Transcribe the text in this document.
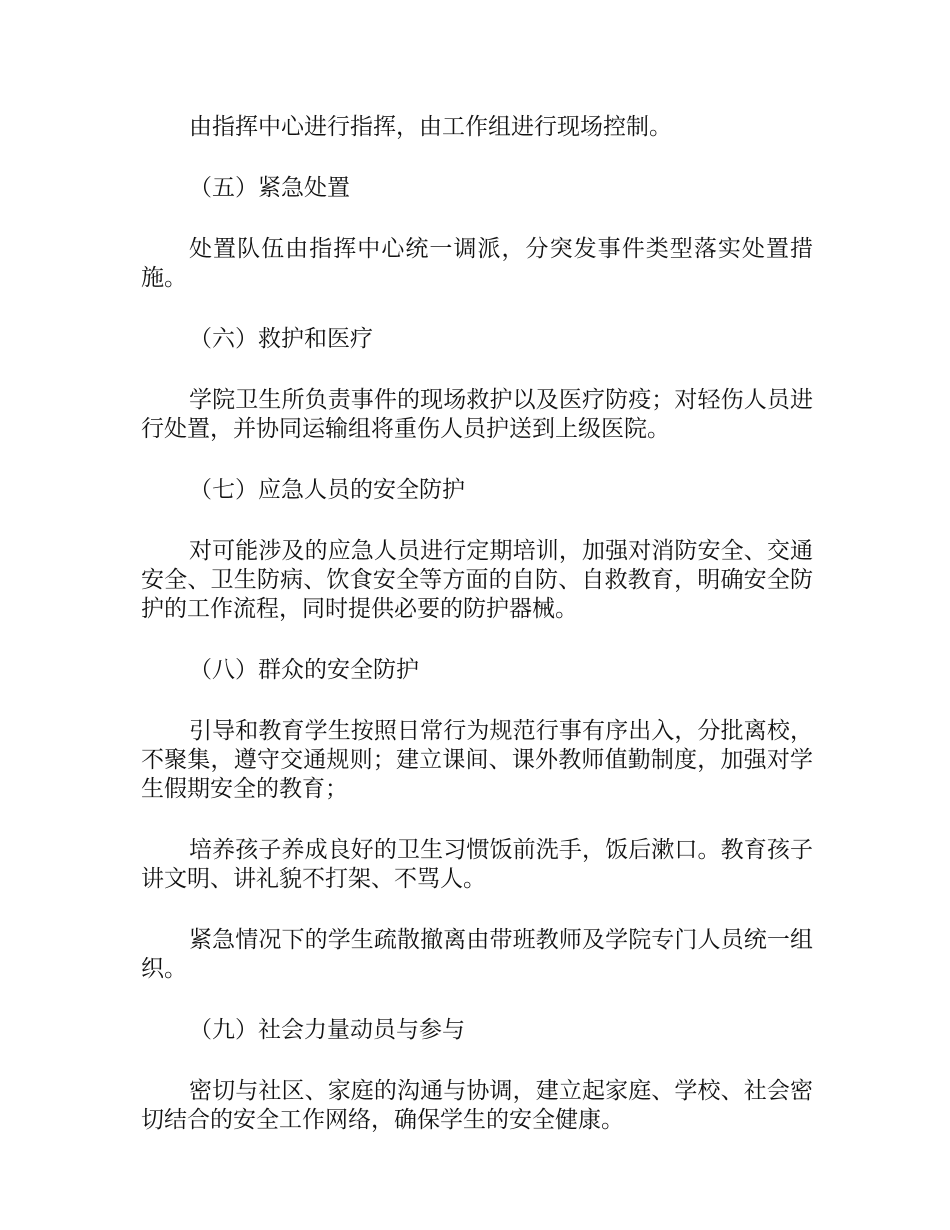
由指挥中心进行指挥，由工作组进行现场控制。

（五）紧急处置

处置队伍由指挥中心统一调派，分突发事件类型落实处置措施。

（六）救护和医疗

学院卫生所负责事件的现场救护以及医疗防疫；对轻伤人员进行处置，并协同运输组将重伤人员护送到上级医院。

（七）应急人员的安全防护

对可能涉及的应急人员进行定期培训，加强对消防安全、交通安全、卫生防病、饮食安全等方面的自防、自救教育，明确安全防护的工作流程，同时提供必要的防护器械。

（八）群众的安全防护

引导和教育学生按照日常行为规范行事有序出入，分批离校，不聚集，遵守交通规则；建立课间、课外教师值勤制度，加强对学生假期安全的教育；

培养孩子养成良好的卫生习惯饭前洗手，饭后漱口。教育孩子讲文明、讲礼貌不打架、不骂人。

紧急情况下的学生疏散撤离由带班教师及学院专门人员统一组织。

（九）社会力量动员与参与

密切与社区、家庭的沟通与协调，建立起家庭、学校、社会密切结合的安全工作网络，确保学生的安全健康。
